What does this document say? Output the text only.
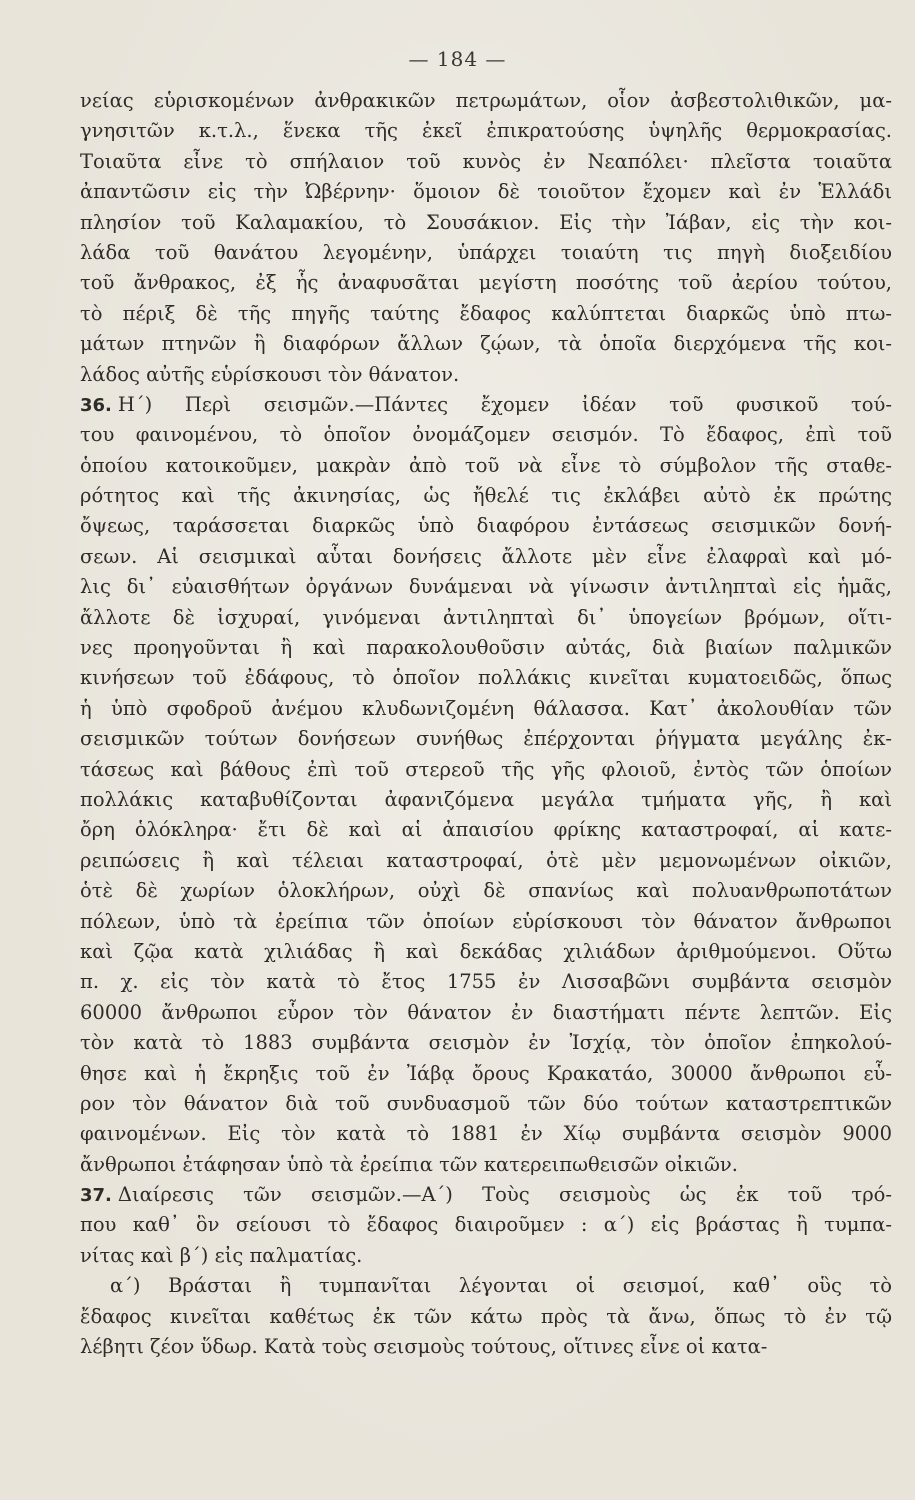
— 184 —
νείας εὑρισκομένων ἀνθρακικῶν πετρωμάτων, οἷον ἀσβεστολιθικῶν, μα-
γνησιτῶν κ.τ.λ., ἕνεκα τῆς ἐκεῖ ἐπικρατούσης ὑψηλῆς θερμοκρασίας.
Τοιαῦτα εἶνε τὸ σπήλαιον τοῦ κυνὸς ἐν Νεαπόλει· πλεῖστα τοιαῦτα
ἀπαντῶσιν εἰς τὴν Ὠβέρνην· ὅμοιον δὲ τοιοῦτον ἔχομεν καὶ ἐν Ἑλλάδι
πλησίον τοῦ Καλαμακίου, τὸ Σουσάκιον. Εἰς τὴν Ἰάβαν, εἰς τὴν κοι-
λάδα τοῦ θανάτου λεγομένην, ὑπάρχει τοιαύτη τις πηγὴ διοξειδίου
τοῦ ἄνθρακος, ἐξ ἧς ἀναφυσᾶται μεγίστη ποσότης τοῦ ἀερίου τούτου,
τὸ πέριξ δὲ τῆς πηγῆς ταύτης ἔδαφος καλύπτεται διαρκῶς ὑπὸ πτω-
μάτων πτηνῶν ἢ διαφόρων ἄλλων ζῴων, τὰ ὁποῖα διερχόμενα τῆς κοι-
λάδος αὐτῆς εὑρίσκουσι τὸν θάνατον.
36. Η΄) Περὶ σεισμῶν.—Πάντες ἔχομεν ἰδέαν τοῦ φυσικοῦ τού-
του φαινομένου, τὸ ὁποῖον ὀνομάζομεν σεισμόν. Τὸ ἔδαφος, ἐπὶ τοῦ
ὁποίου κατοικοῦμεν, μακρὰν ἀπὸ τοῦ νὰ εἶνε τὸ σύμβολον τῆς σταθε-
ρότητος καὶ τῆς ἀκινησίας, ὡς ἤθελέ τις ἐκλάβει αὐτὸ ἐκ πρώτης
ὄψεως, ταράσσεται διαρκῶς ὑπὸ διαφόρου ἐντάσεως σεισμικῶν δονή-
σεων. Αἱ σεισμικαὶ αὗται δονήσεις ἄλλοτε μὲν εἶνε ἐλαφραὶ καὶ μό-
λις δι᾽ εὐαισθήτων ὀργάνων δυνάμεναι νὰ γίνωσιν ἀντιληπταὶ εἰς ἡμᾶς,
ἄλλοτε δὲ ἰσχυραί, γινόμεναι ἀντιληπταὶ δι᾽ ὑπογείων βρόμων, οἵτι-
νες προηγοῦνται ἢ καὶ παρακολουθοῦσιν αὐτάς, διὰ βιαίων παλμικῶν
κινήσεων τοῦ ἐδάφους, τὸ ὁποῖον πολλάκις κινεῖται κυματοειδῶς, ὅπως
ἡ ὑπὸ σφοδροῦ ἀνέμου κλυδωνιζομένη θάλασσα. Κατ᾽ ἀκολουθίαν τῶν
σεισμικῶν τούτων δονήσεων συνήθως ἐπέρχονται ῥήγματα μεγάλης ἐκ-
τάσεως καὶ βάθους ἐπὶ τοῦ στερεοῦ τῆς γῆς φλοιοῦ, ἐντὸς τῶν ὁποίων
πολλάκις καταβυθίζονται ἀφανιζόμενα μεγάλα τμήματα γῆς, ἢ καὶ
ὄρη ὁλόκληρα· ἔτι δὲ καὶ αἱ ἀπαισίου φρίκης καταστροφαί, αἱ κατε-
ρειπώσεις ἢ καὶ τέλειαι καταστροφαί, ὁτὲ μὲν μεμονωμένων οἰκιῶν,
ὁτὲ δὲ χωρίων ὁλοκλήρων, οὐχὶ δὲ σπανίως καὶ πολυανθρωποτάτων
πόλεων, ὑπὸ τὰ ἐρείπια τῶν ὁποίων εὑρίσκουσι τὸν θάνατον ἄνθρωποι
καὶ ζῷα κατὰ χιλιάδας ἢ καὶ δεκάδας χιλιάδων ἀριθμούμενοι. Οὕτω
π. χ. εἰς τὸν κατὰ τὸ ἔτος 1755 ἐν Λισσαβῶνι συμβάντα σεισμὸν
60000 ἄνθρωποι εὗρον τὸν θάνατον ἐν διαστήματι πέντε λεπτῶν. Εἰς
τὸν κατὰ τὸ 1883 συμβάντα σεισμὸν ἐν Ἰσχίᾳ, τὸν ὁποῖον ἐπηκολού-
θησε καὶ ἡ ἔκρηξις τοῦ ἐν Ἰάβᾳ ὄρους Κρακατάο, 30000 ἄνθρωποι εὗ-
ρον τὸν θάνατον διὰ τοῦ συνδυασμοῦ τῶν δύο τούτων καταστρεπτικῶν
φαινομένων. Εἰς τὸν κατὰ τὸ 1881 ἐν Χίῳ συμβάντα σεισμὸν 9000
ἄνθρωποι ἐτάφησαν ὑπὸ τὰ ἐρείπια τῶν κατερειπωθεισῶν οἰκιῶν.
37. Διαίρεσις τῶν σεισμῶν.—Α΄) Τοὺς σεισμοὺς ὡς ἐκ τοῦ τρό-
που καθ᾽ ὃν σείουσι τὸ ἔδαφος διαιροῦμεν : α΄) εἰς βράστας ἢ τυμπα-
νίτας καὶ β΄) εἰς παλματίας.
α΄) Βράσται ἢ τυμπανῖται λέγονται οἱ σεισμοί, καθ᾽ οὓς τὸ
ἔδαφος κινεῖται καθέτως ἐκ τῶν κάτω πρὸς τὰ ἄνω, ὅπως τὸ ἐν τῷ
λέβητι ζέον ὕδωρ. Κατὰ τοὺς σεισμοὺς τούτους, οἵτινες εἶνε οἱ κατα-
